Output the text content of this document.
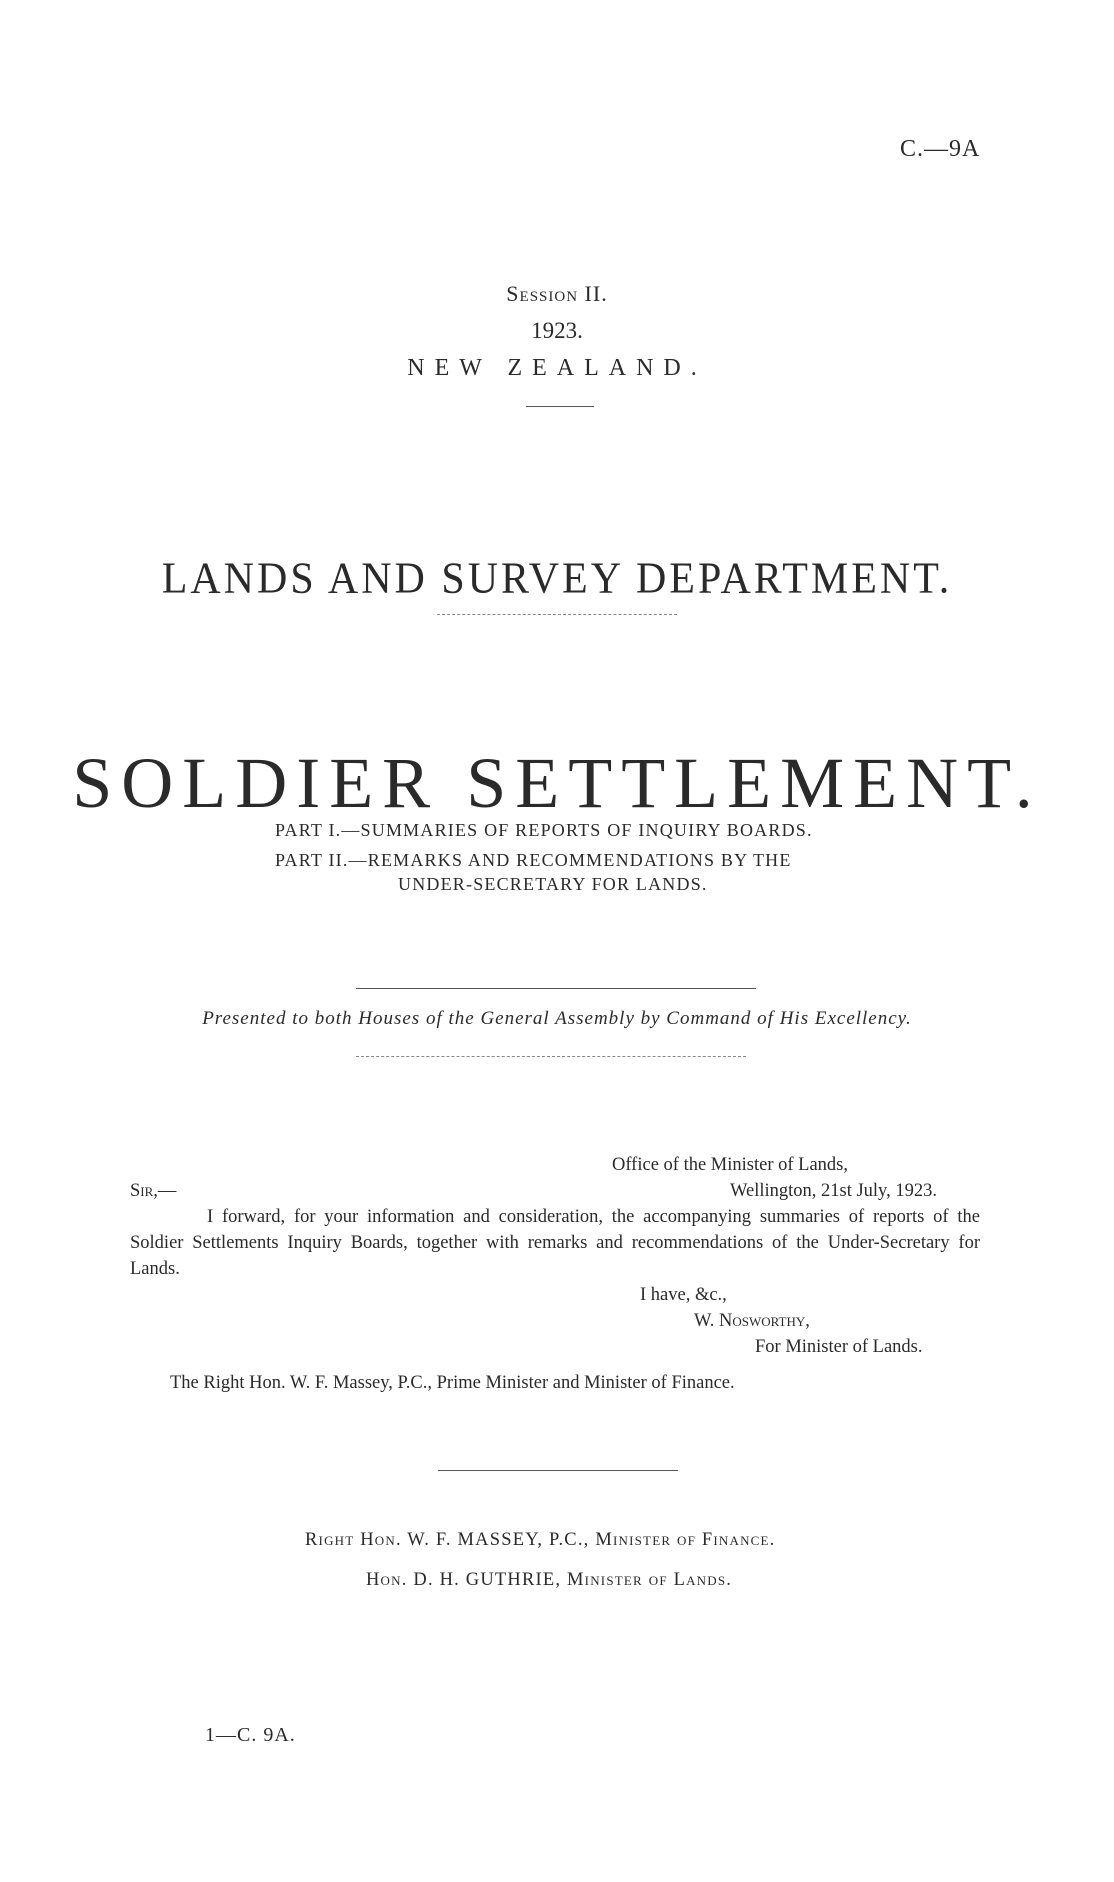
C.—9A
Session II.
1923.
NEW ZEALAND.
LANDS AND SURVEY DEPARTMENT.
SOLDIER SETTLEMENT.
PART I.—SUMMARIES OF REPORTS OF INQUIRY BOARDS.
PART II.—REMARKS AND RECOMMENDATIONS BY THE
UNDER-SECRETARY FOR LANDS.
Presented to both Houses of the General Assembly by Command of His Excellency.
Office of the Minister of Lands,
Sir,—	Wellington, 21st July, 1923.
I forward, for your information and consideration, the accompanying summaries of reports of the Soldier Settlements Inquiry Boards, together with remarks and recommendations of the Under-Secretary for Lands.
I have, &c.,
W. Nosworthy,
For Minister of Lands.
The Right Hon. W. F. Massey, P.C., Prime Minister and Minister of Finance.
Right Hon. W. F. MASSEY, P.C., Minister of Finance.
Hon. D. H. GUTHRIE, Minister of Lands.
1—C. 9A.
